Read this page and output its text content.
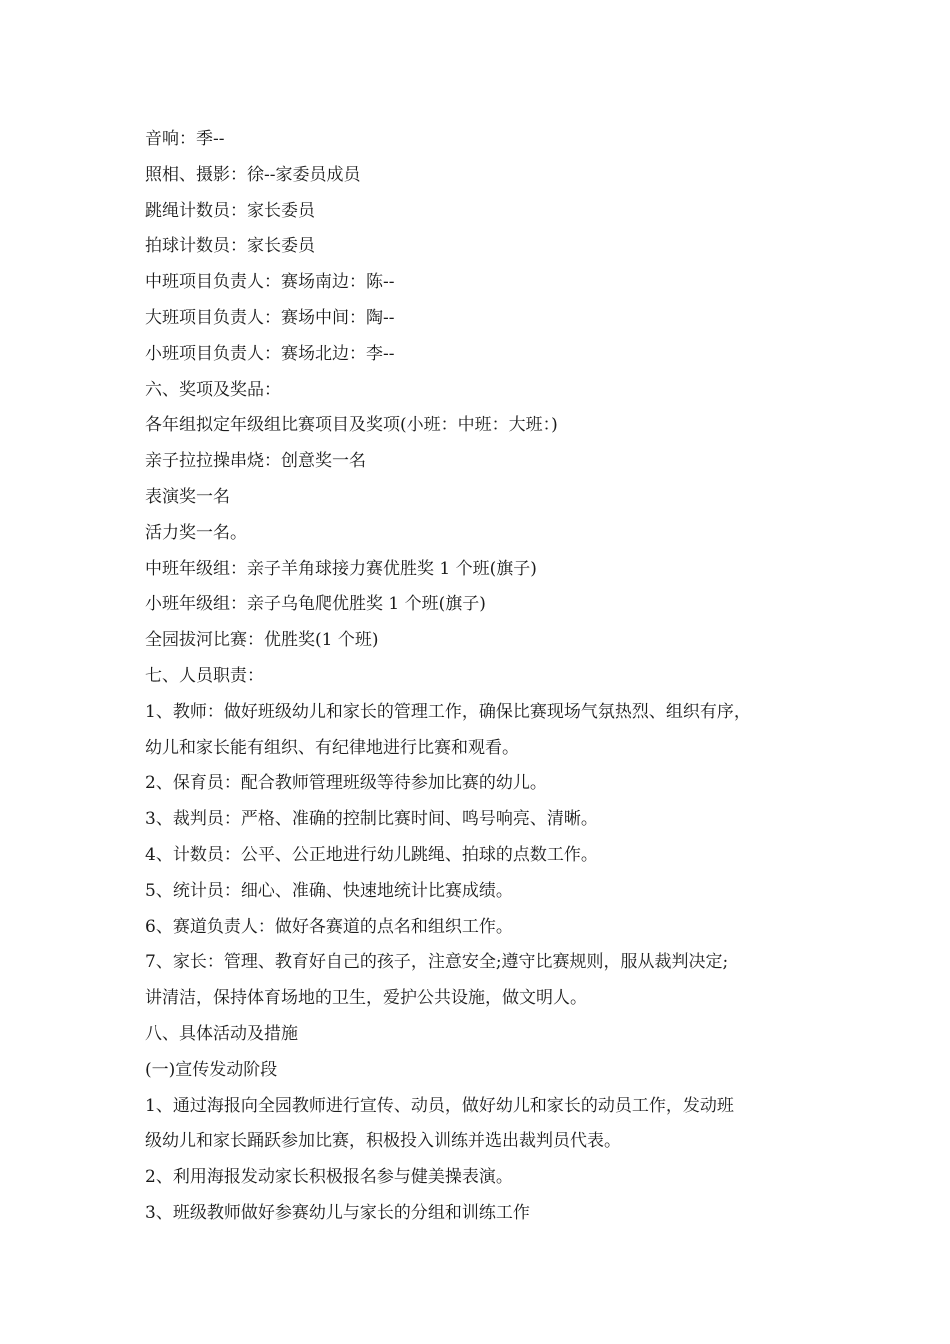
音响：季--
照相、摄影：徐--家委员成员
跳绳计数员：家长委员
拍球计数员：家长委员
中班项目负责人：赛场南边：陈--
大班项目负责人：赛场中间：陶--
小班项目负责人：赛场北边：李--
六、奖项及奖品：
各年组拟定年级组比赛项目及奖项(小班：中班：大班：)
亲子拉拉操串烧：创意奖一名
表演奖一名
活力奖一名。
中班年级组：亲子羊角球接力赛优胜奖 1 个班(旗子)
小班年级组：亲子乌龟爬优胜奖 1 个班(旗子)
全园拔河比赛：优胜奖(1 个班)
七、人员职责：
1、教师：做好班级幼儿和家长的管理工作，确保比赛现场气氛热烈、组织有序，
幼儿和家长能有组织、有纪律地进行比赛和观看。
2、保育员：配合教师管理班级等待参加比赛的幼儿。
3、裁判员：严格、准确的控制比赛时间、鸣号响亮、清晰。
4、计数员：公平、公正地进行幼儿跳绳、拍球的点数工作。
5、统计员：细心、准确、快速地统计比赛成绩。
6、赛道负责人：做好各赛道的点名和组织工作。
7、家长：管理、教育好自己的孩子，注意安全;遵守比赛规则，服从裁判决定;
讲清洁，保持体育场地的卫生，爱护公共设施，做文明人。
八、具体活动及措施
(一)宣传发动阶段
1、通过海报向全园教师进行宣传、动员，做好幼儿和家长的动员工作，发动班
级幼儿和家长踊跃参加比赛，积极投入训练并选出裁判员代表。
2、利用海报发动家长积极报名参与健美操表演。
3、班级教师做好参赛幼儿与家长的分组和训练工作
